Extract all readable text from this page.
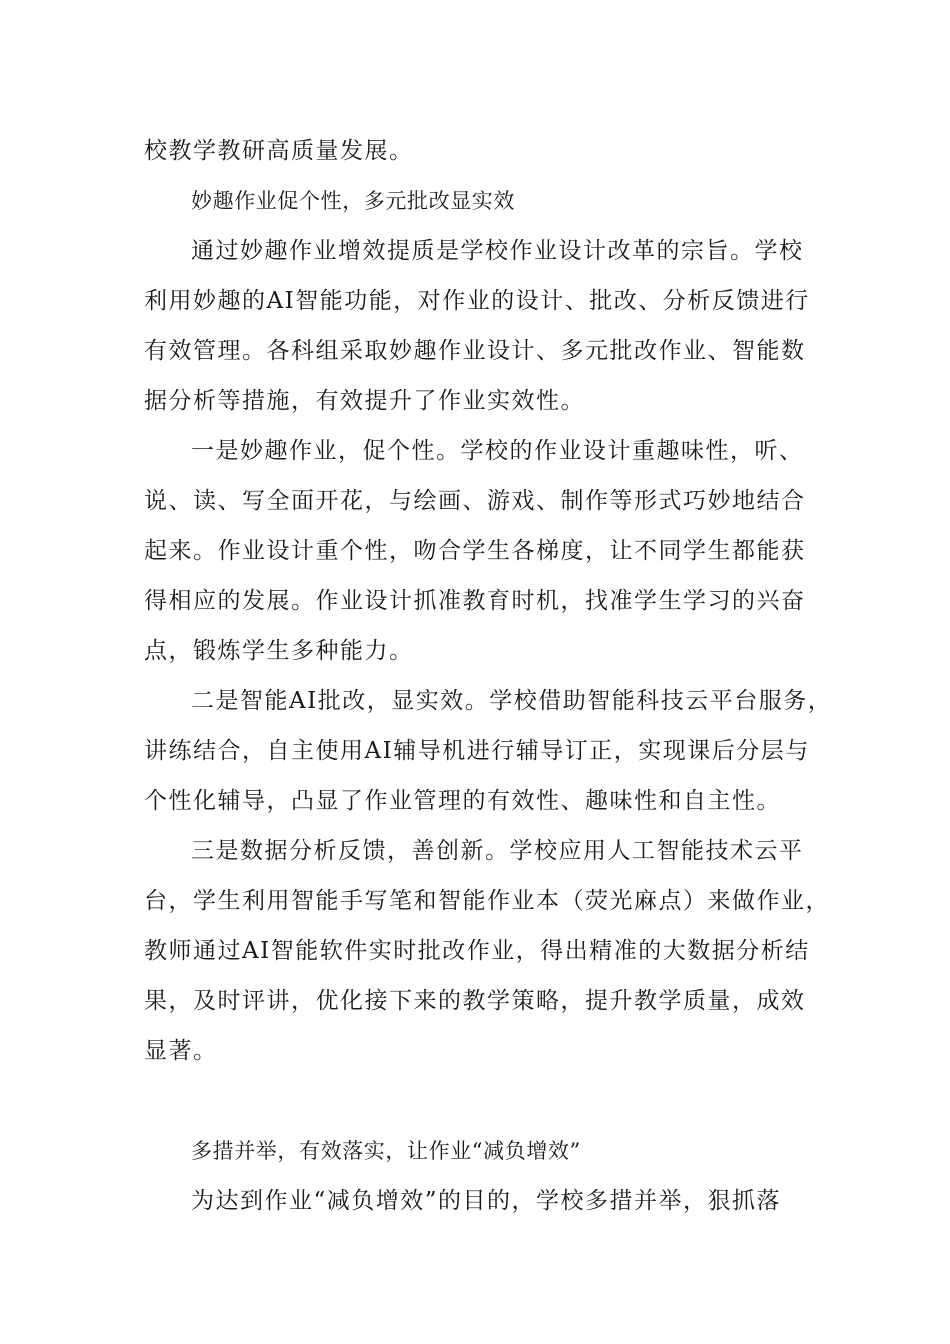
校教学教研高质量发展。
妙趣作业促个性，多元批改显实效
通过妙趣作业增效提质是学校作业设计改革的宗旨。学校
利用妙趣的AI智能功能，对作业的设计、批改、分析反馈进行
有效管理。各科组采取妙趣作业设计、多元批改作业、智能数
据分析等措施，有效提升了作业实效性。
一是妙趣作业，促个性。学校的作业设计重趣味性，听、
说、读、写全面开花，与绘画、游戏、制作等形式巧妙地结合
起来。作业设计重个性，吻合学生各梯度，让不同学生都能获
得相应的发展。作业设计抓准教育时机，找准学生学习的兴奋
点，锻炼学生多种能力。
二是智能AI批改，显实效。学校借助智能科技云平台服务，
讲练结合，自主使用AI辅导机进行辅导订正，实现课后分层与
个性化辅导，凸显了作业管理的有效性、趣味性和自主性。
三是数据分析反馈，善创新。学校应用人工智能技术云平
台，学生利用智能手写笔和智能作业本（荧光麻点）来做作业，
教师通过AI智能软件实时批改作业，得出精准的大数据分析结
果，及时评讲，优化接下来的教学策略，提升教学质量，成效
显著。
多措并举，有效落实，让作业“减负增效”
为达到作业“减负增效”的目的，学校多措并举，狠抓落
